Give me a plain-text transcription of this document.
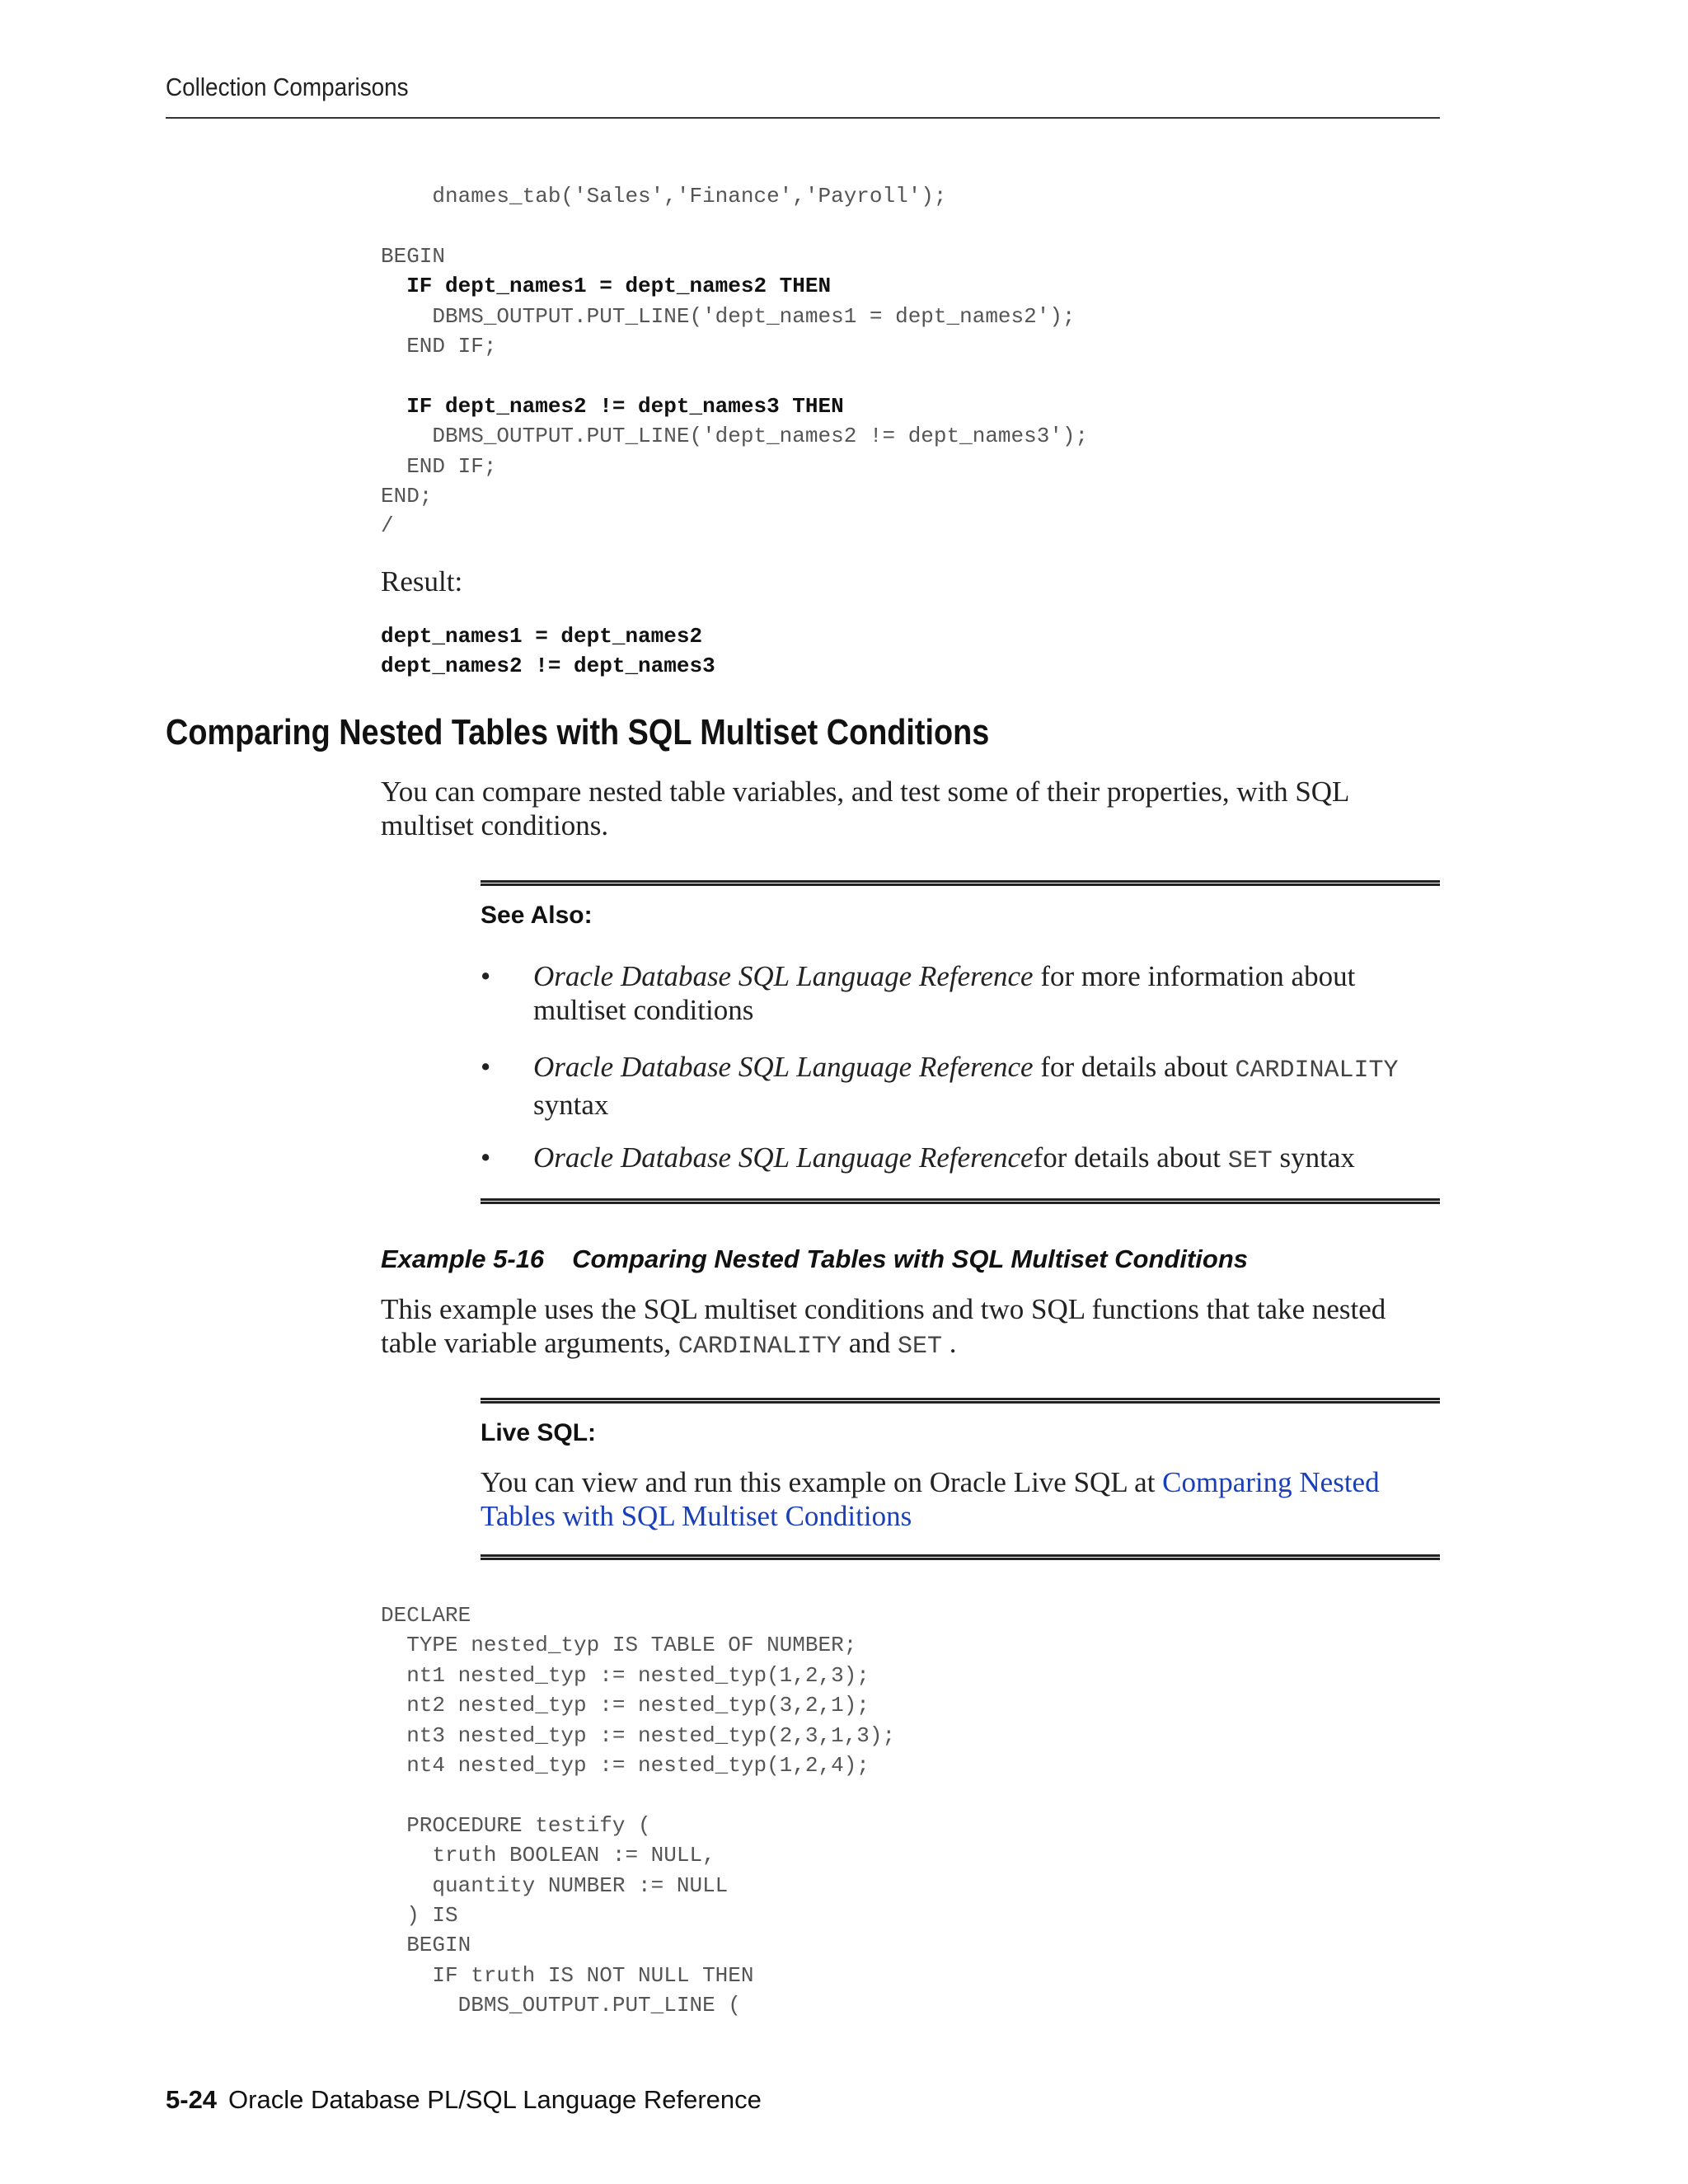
Collection Comparisons
dnames_tab('Sales','Finance','Payroll');

BEGIN
IF dept_names1 = dept_names2 THEN
DBMS_OUTPUT.PUT_LINE('dept_names1 = dept_names2');
END IF;

IF dept_names2 != dept_names3 THEN
DBMS_OUTPUT.PUT_LINE('dept_names2 != dept_names3');
END IF;
END;
/
Result:
dept_names1 = dept_names2
dept_names2 != dept_names3
Comparing Nested Tables with SQL Multiset Conditions

You can compare nested table variables, and test some of their properties, with SQL multiset conditions.

See Also:
• Oracle Database SQL Language Reference for more information about multiset conditions
• Oracle Database SQL Language Reference for details about CARDINALITY syntax
• Oracle Database SQL Language Referencefor details about SET syntax
Example 5-16 Comparing Nested Tables with SQL Multiset Conditions

This example uses the SQL multiset conditions and two SQL functions that take nested table variable arguments, CARDINALITY and SET .

Live SQL:

You can view and run this example on Oracle Live SQL at Comparing Nested Tables with SQL Multiset Conditions

DECLARE
TYPE nested_typ IS TABLE OF NUMBER;
nt1 nested_typ := nested_typ(1,2,3);
nt2 nested_typ := nested_typ(3,2,1);
nt3 nested_typ := nested_typ(2,3,1,3);
nt4 nested_typ := nested_typ(1,2,4);

PROCEDURE testify (
truth BOOLEAN := NULL,
quantity NUMBER := NULL
) IS
BEGIN
IF truth IS NOT NULL THEN
DBMS_OUTPUT.PUT_LINE (
5-24 Oracle Database PL/SQL Language Reference
